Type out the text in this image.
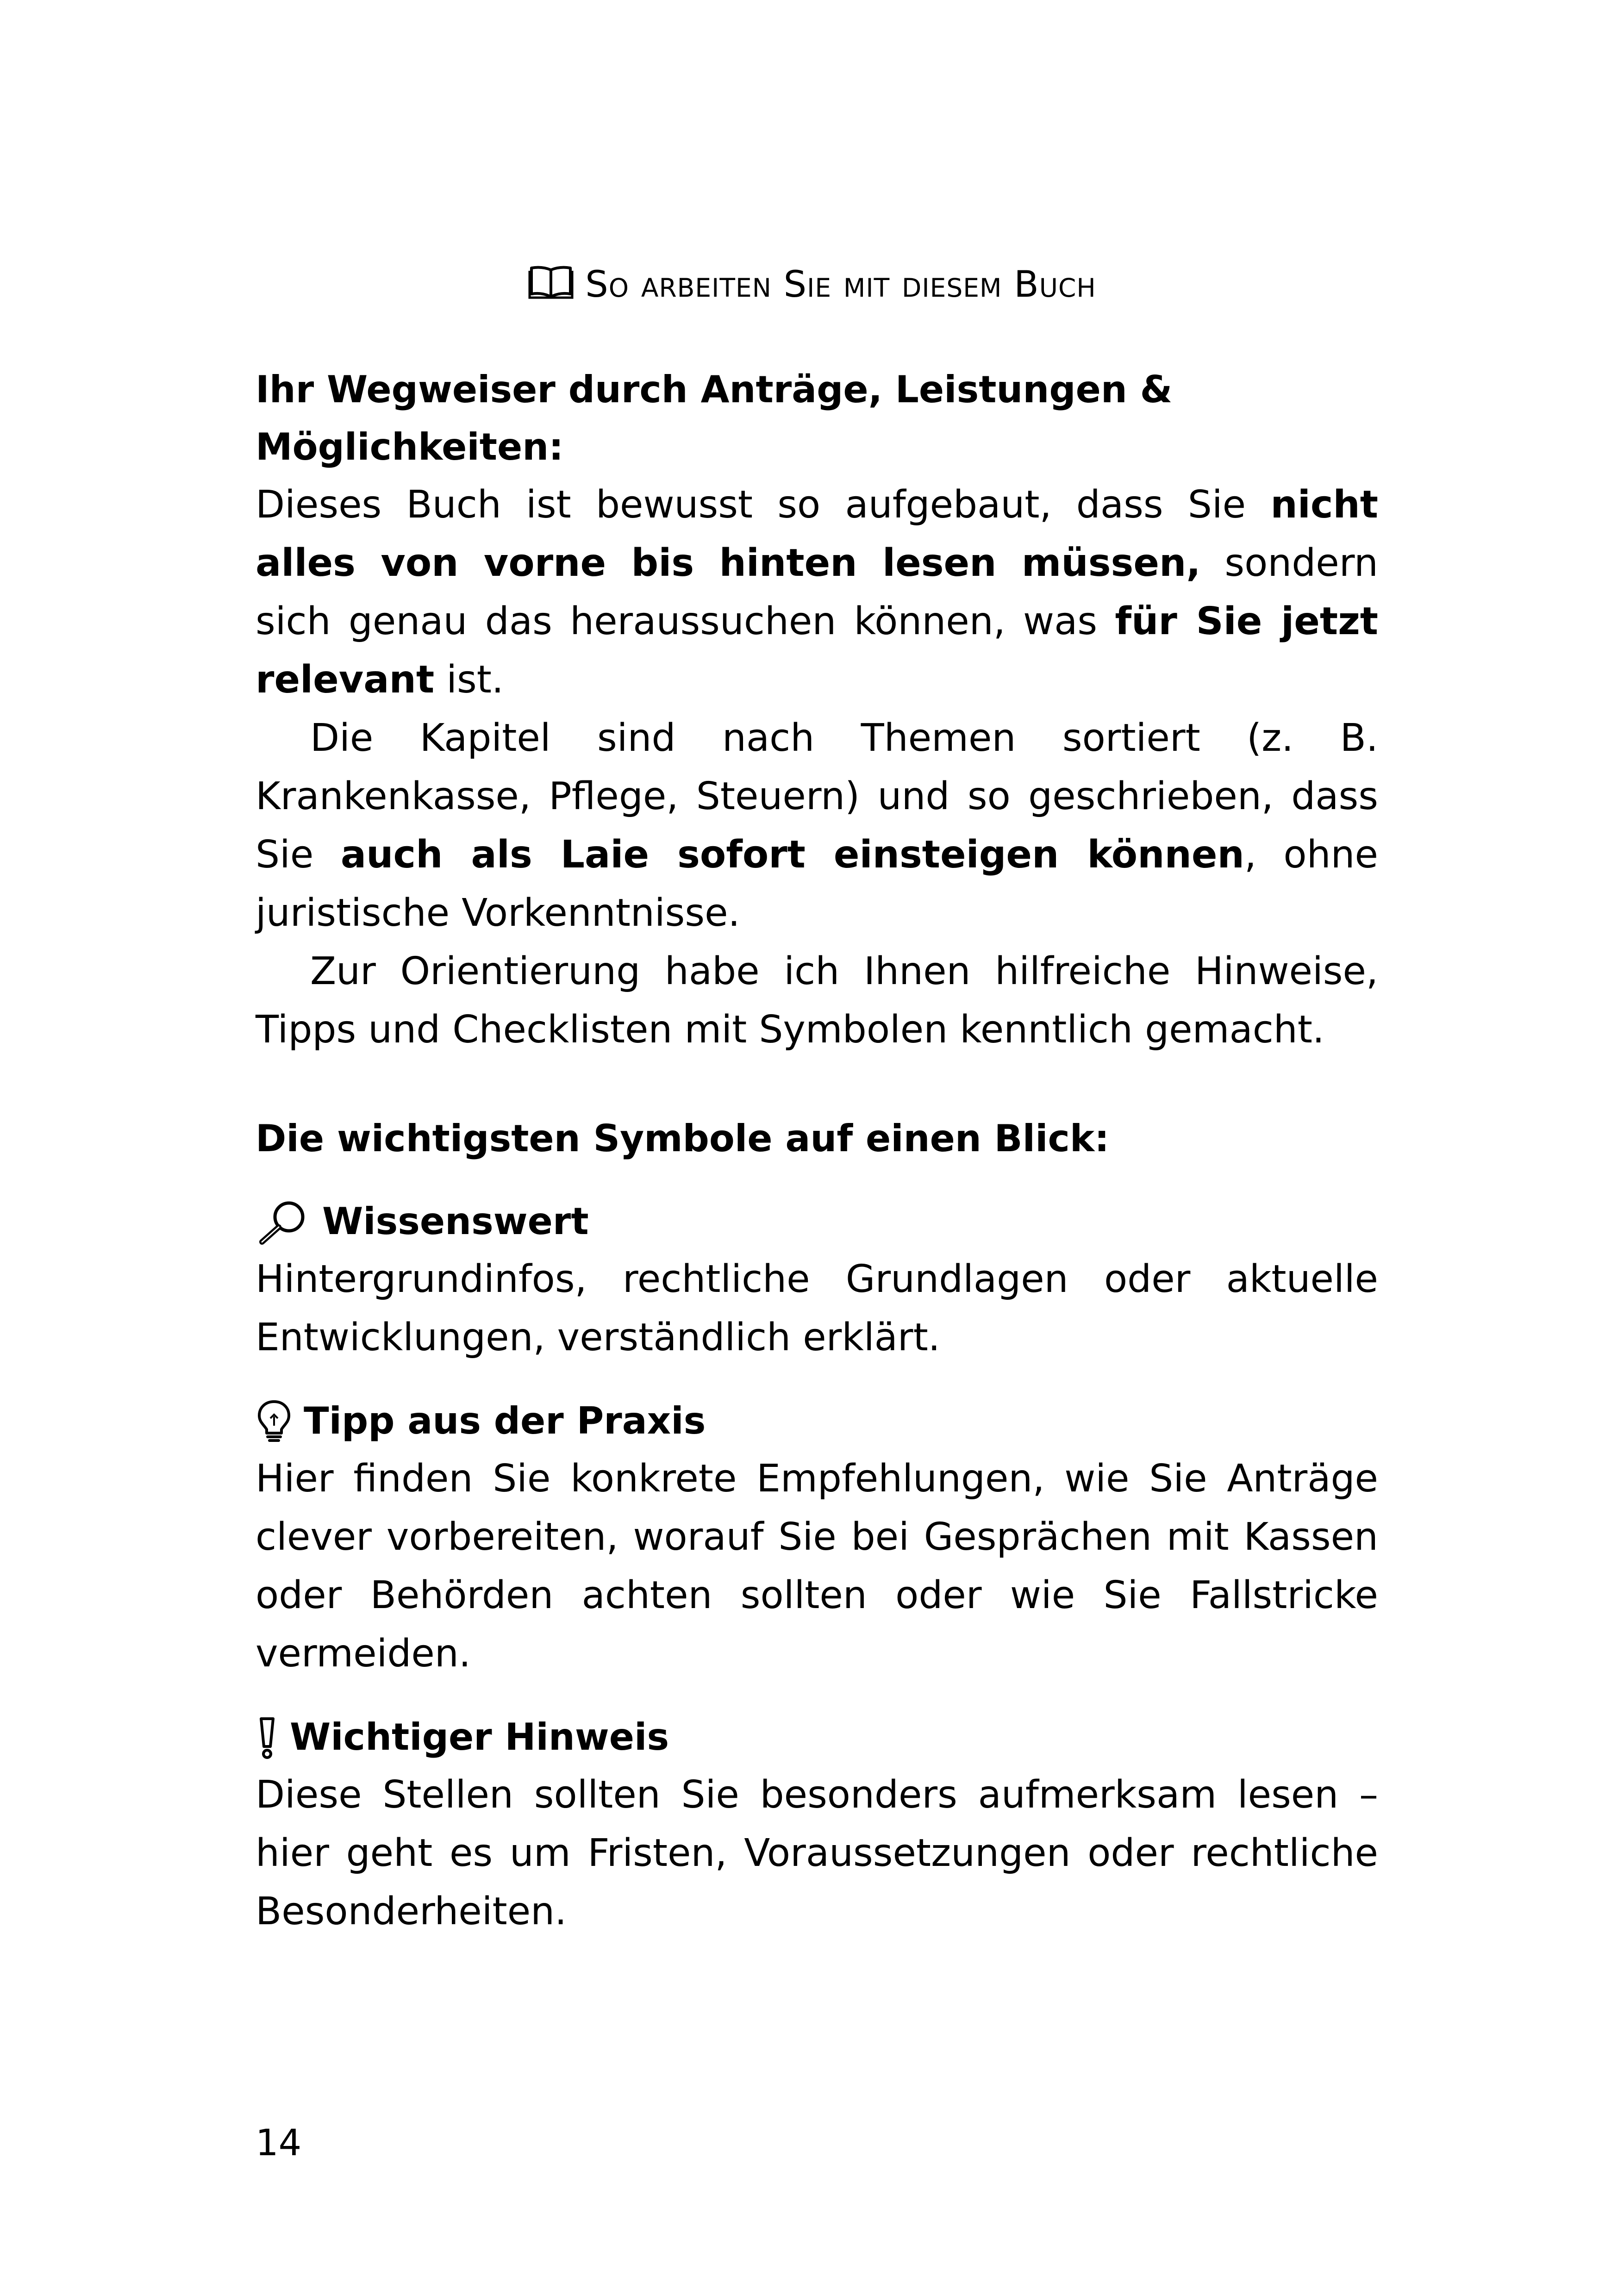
So arbeiten Sie mit diesem Buch

Ihr Wegweiser durch Anträge, Leistungen & Möglichkeiten:

Dieses Buch ist bewusst so aufgebaut, dass Sie nicht alles von vorne bis hinten lesen müssen, sondern sich genau das heraussuchen können, was für Sie jetzt relevant ist.

Die Kapitel sind nach Themen sortiert (z. B. Krankenkasse, Pflege, Steuern) und so geschrieben, dass Sie auch als Laie sofort einsteigen können, ohne juristische Vorkenntnisse.

Zur Orientierung habe ich Ihnen hilfreiche Hinweise, Tipps und Checklisten mit Symbolen kenntlich gemacht.

Die wichtigsten Symbole auf einen Blick:

Wissenswert

Hintergrundinfos, rechtliche Grundlagen oder aktuelle Entwicklungen, verständlich erklärt.

Tipp aus der Praxis

Hier finden Sie konkrete Empfehlungen, wie Sie Anträge clever vorbereiten, worauf Sie bei Gesprächen mit Kassen oder Behörden achten sollten oder wie Sie Fallstricke vermeiden.

Wichtiger Hinweis

Diese Stellen sollten Sie besonders aufmerksam lesen – hier geht es um Fristen, Voraussetzungen oder rechtliche Besonderheiten.

14
